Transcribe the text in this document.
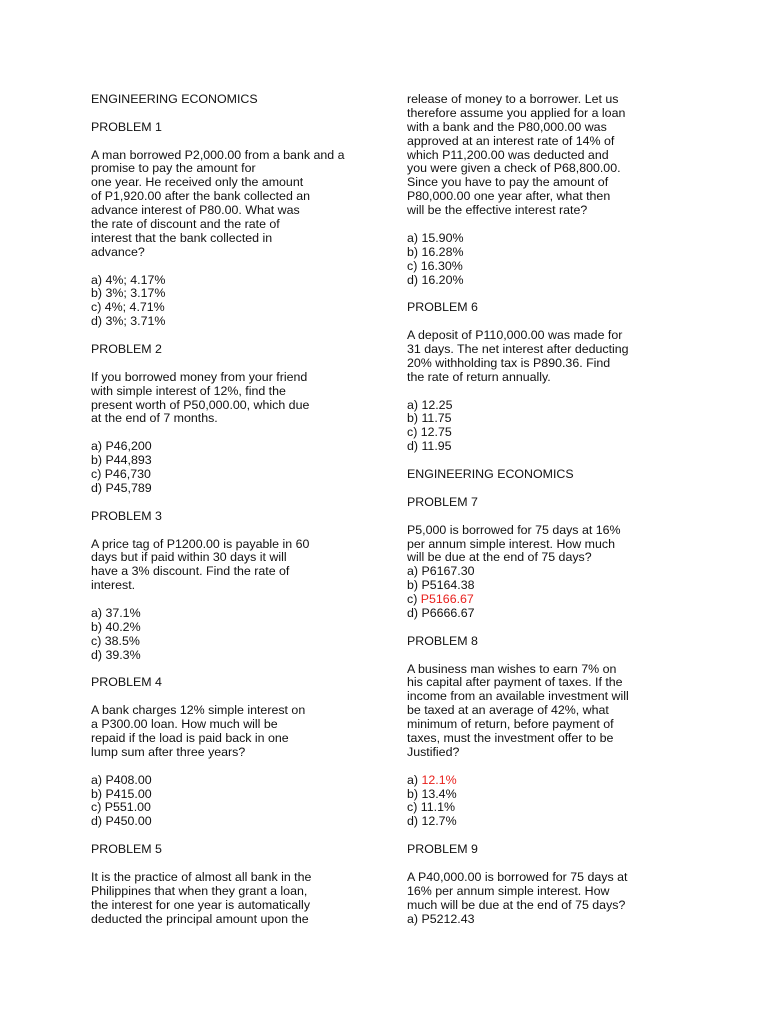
ENGINEERING ECONOMICS
PROBLEM 1
A man borrowed P2,000.00 from a bank and a
promise to pay the amount for
one year. He received only the amount
of P1,920.00 after the bank collected an
advance interest of P80.00. What was
the rate of discount and the rate of
interest that the bank collected in
advance?
a) 4%; 4.17%
b) 3%; 3.17%
c) 4%; 4.71%
d) 3%; 3.71%
PROBLEM 2
If you borrowed money from your friend
with simple interest of 12%, find the
present worth of P50,000.00, which due
at the end of 7 months.
a) P46,200
b) P44,893
c) P46,730
d) P45,789
PROBLEM 3
A price tag of P1200.00 is payable in 60
days but if paid within 30 days it will
have a 3% discount. Find the rate of
interest.
a) 37.1%
b) 40.2%
c) 38.5%
d) 39.3%
PROBLEM 4
A bank charges 12% simple interest on
a P300.00 loan. How much will be
repaid if the load is paid back in one
lump sum after three years?
a) P408.00
b) P415.00
c) P551.00
d) P450.00
PROBLEM 5
It is the practice of almost all bank in the
Philippines that when they grant a loan,
the interest for one year is automatically
deducted the principal amount upon the
release of money to a borrower. Let us
therefore assume you applied for a loan
with a bank and the P80,000.00 was
approved at an interest rate of 14% of
which P11,200.00 was deducted and
you were given a check of P68,800.00.
Since you have to pay the amount of
P80,000.00 one year after, what then
will be the effective interest rate?
a) 15.90%
b) 16.28%
c) 16.30%
d) 16.20%
PROBLEM 6
A deposit of P110,000.00 was made for
31 days. The net interest after deducting
20% withholding tax is P890.36. Find
the rate of return annually.
a) 12.25
b) 11.75
c) 12.75
d) 11.95
ENGINEERING ECONOMICS
PROBLEM 7
P5,000 is borrowed for 75 days at 16%
per annum simple interest. How much
will be due at the end of 75 days?
a) P6167.30
b) P5164.38
c) P5166.67
d) P6666.67
PROBLEM 8
A business man wishes to earn 7% on
his capital after payment of taxes. If the
income from an available investment will
be taxed at an average of 42%, what
minimum of return, before payment of
taxes, must the investment offer to be
Justified?
a) 12.1%
b) 13.4%
c) 11.1%
d) 12.7%
PROBLEM 9
A P40,000.00 is borrowed for 75 days at
16% per annum simple interest. How
much will be due at the end of 75 days?
a) P5212.43
